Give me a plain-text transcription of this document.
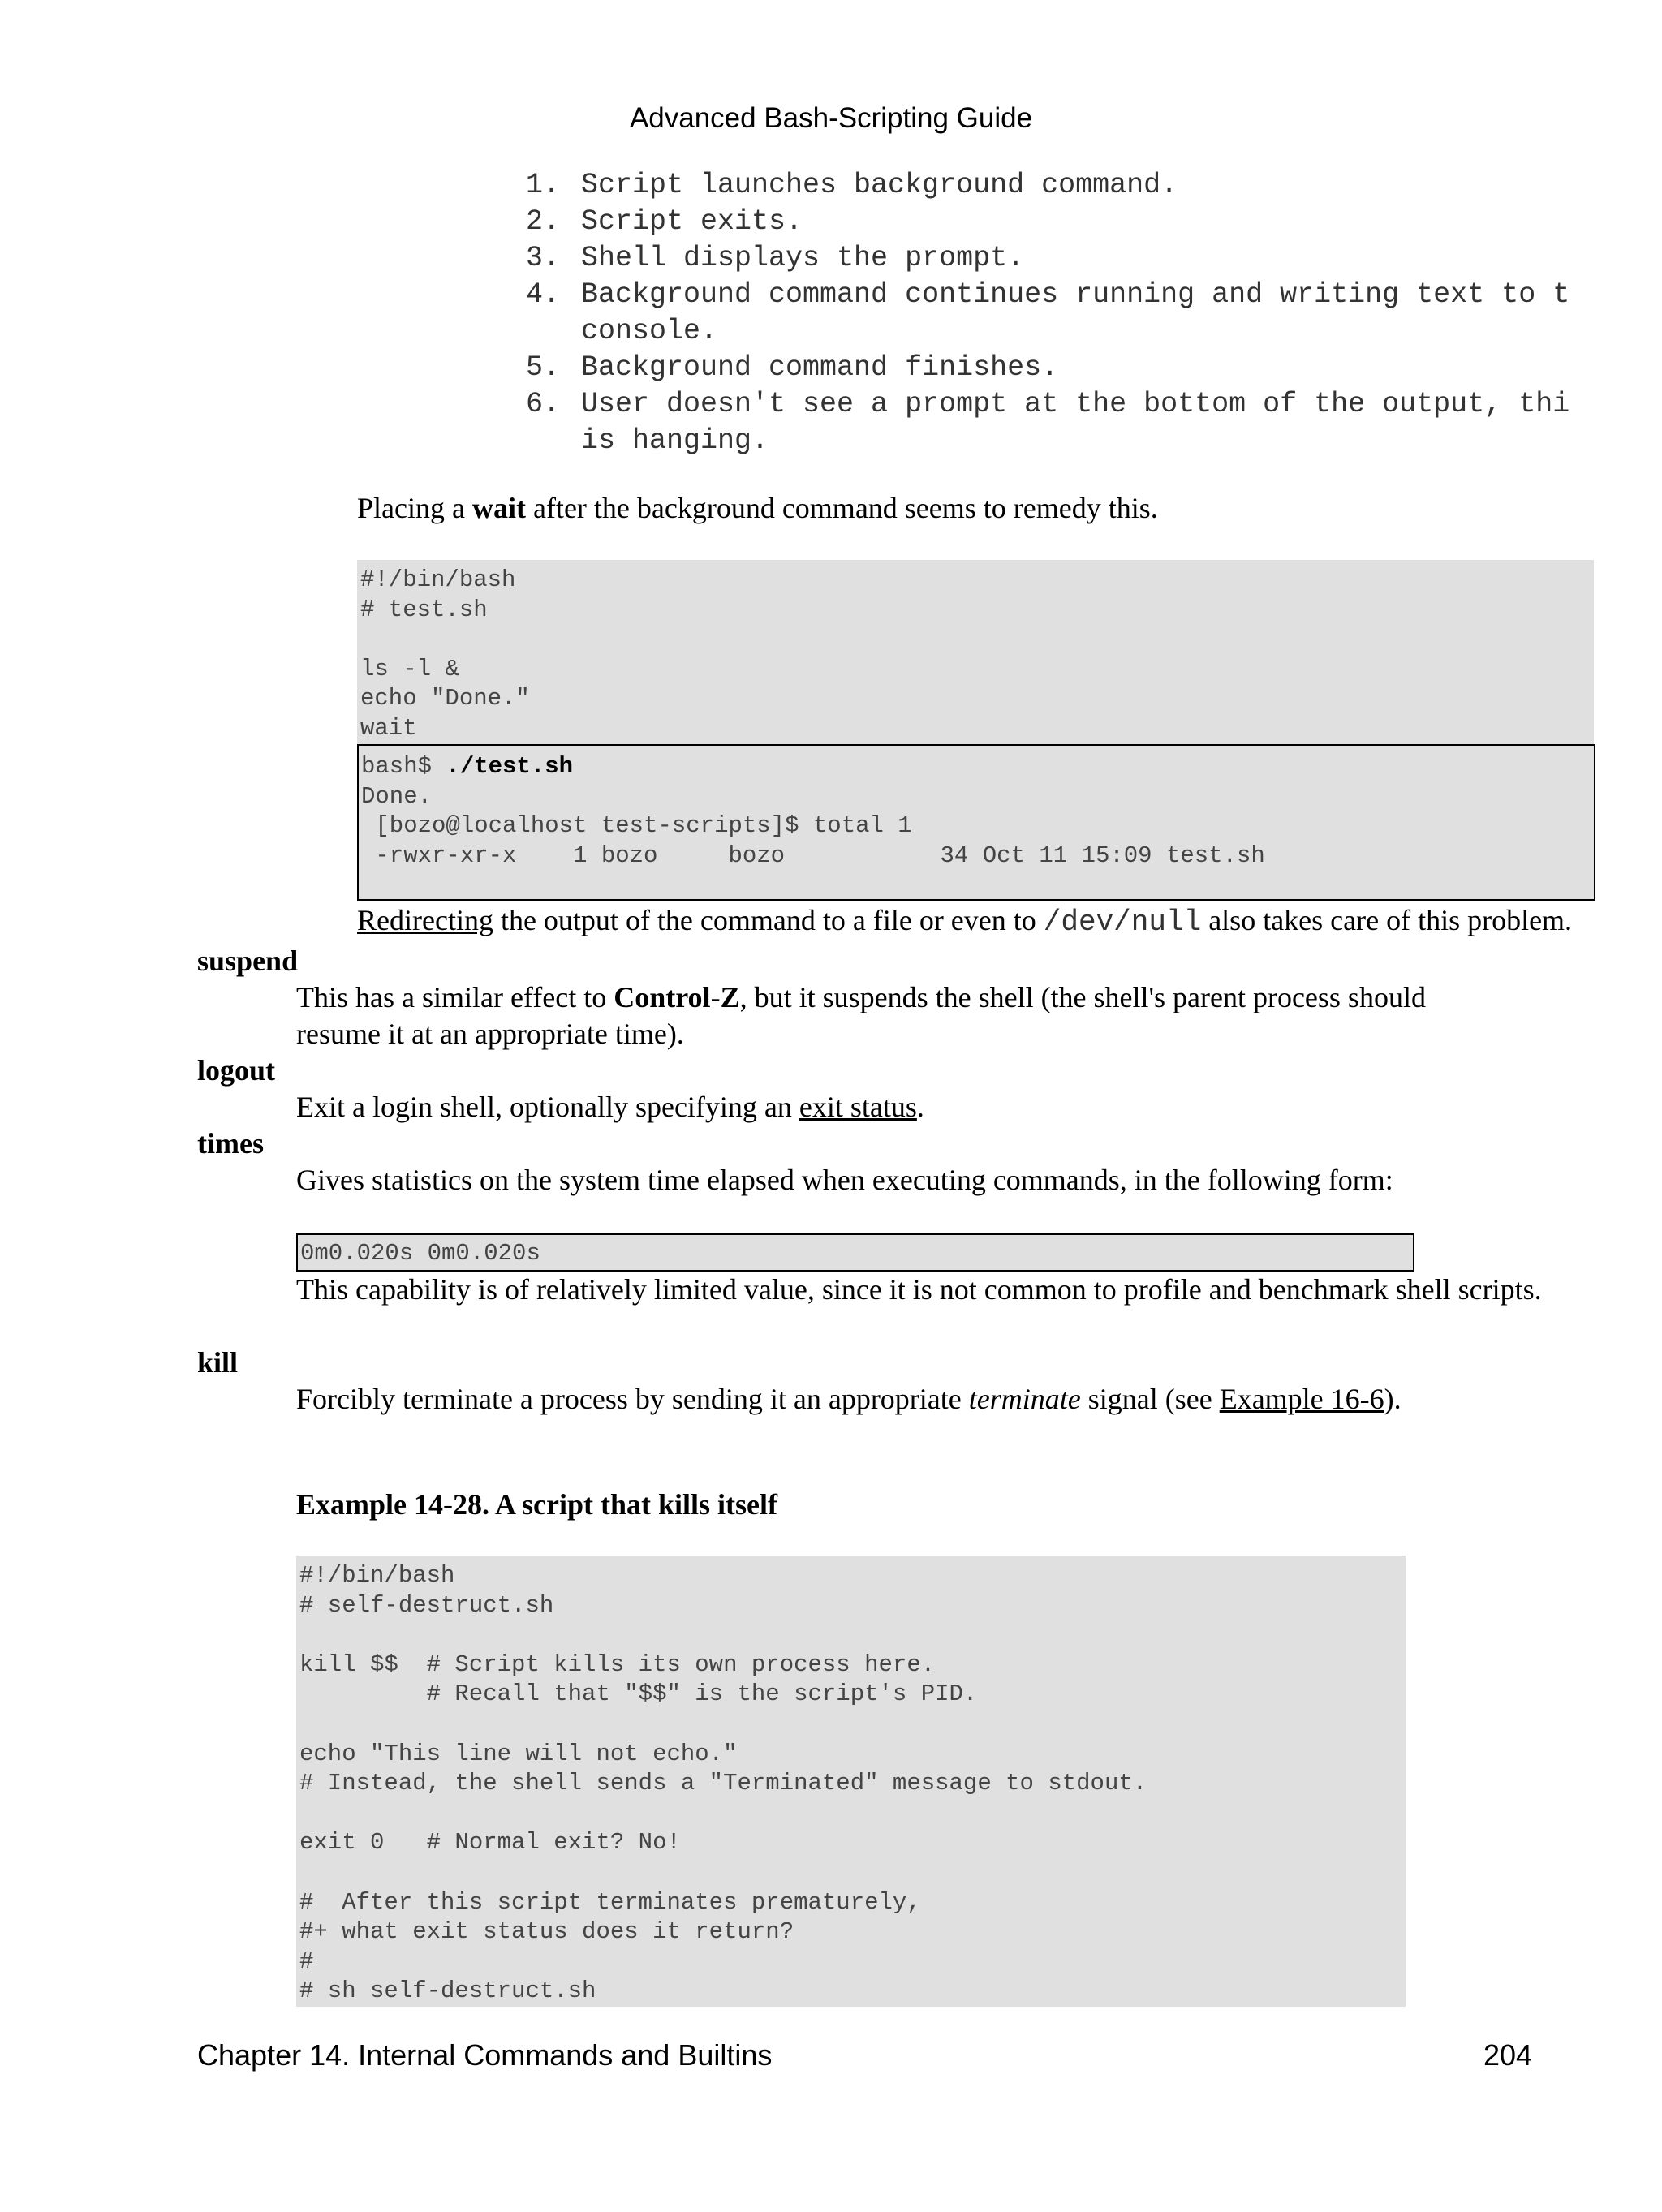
Advanced Bash-Scripting Guide
1. Script launches background command.
2. Script exits.
3. Shell displays the prompt.
4. Background command continues running and writing text to t
console.
5. Background command finishes.
6. User doesn't see a prompt at the bottom of the output, thi
is hanging.
Placing a wait after the background command seems to remedy this.
#!/bin/bash
# test.sh

ls -l &
echo "Done."
wait
bash$ ./test.sh
Done.
[bozo@localhost test-scripts]$ total 1
-rwxr-xr-x    1 bozo     bozo           34 Oct 11 15:09 test.sh
Redirecting the output of the command to a file or even to /dev/null also takes care of this problem.
suspend
This has a similar effect to Control-Z, but it suspends the shell (the shell's parent process should resume it at an appropriate time).
logout
Exit a login shell, optionally specifying an exit status.
times
Gives statistics on the system time elapsed when executing commands, in the following form:
0m0.020s 0m0.020s
This capability is of relatively limited value, since it is not common to profile and benchmark shell scripts.
kill
Forcibly terminate a process by sending it an appropriate terminate signal (see Example 16-6).
Example 14-28. A script that kills itself
#!/bin/bash
# self-destruct.sh

kill $$  # Script kills its own process here.
# Recall that "$$" is the script's PID.

echo "This line will not echo."
# Instead, the shell sends a "Terminated" message to stdout.

exit 0   # Normal exit? No!

#  After this script terminates prematurely,
#+ what exit status does it return?
#
# sh self-destruct.sh
Chapter 14. Internal Commands and Builtins	204
